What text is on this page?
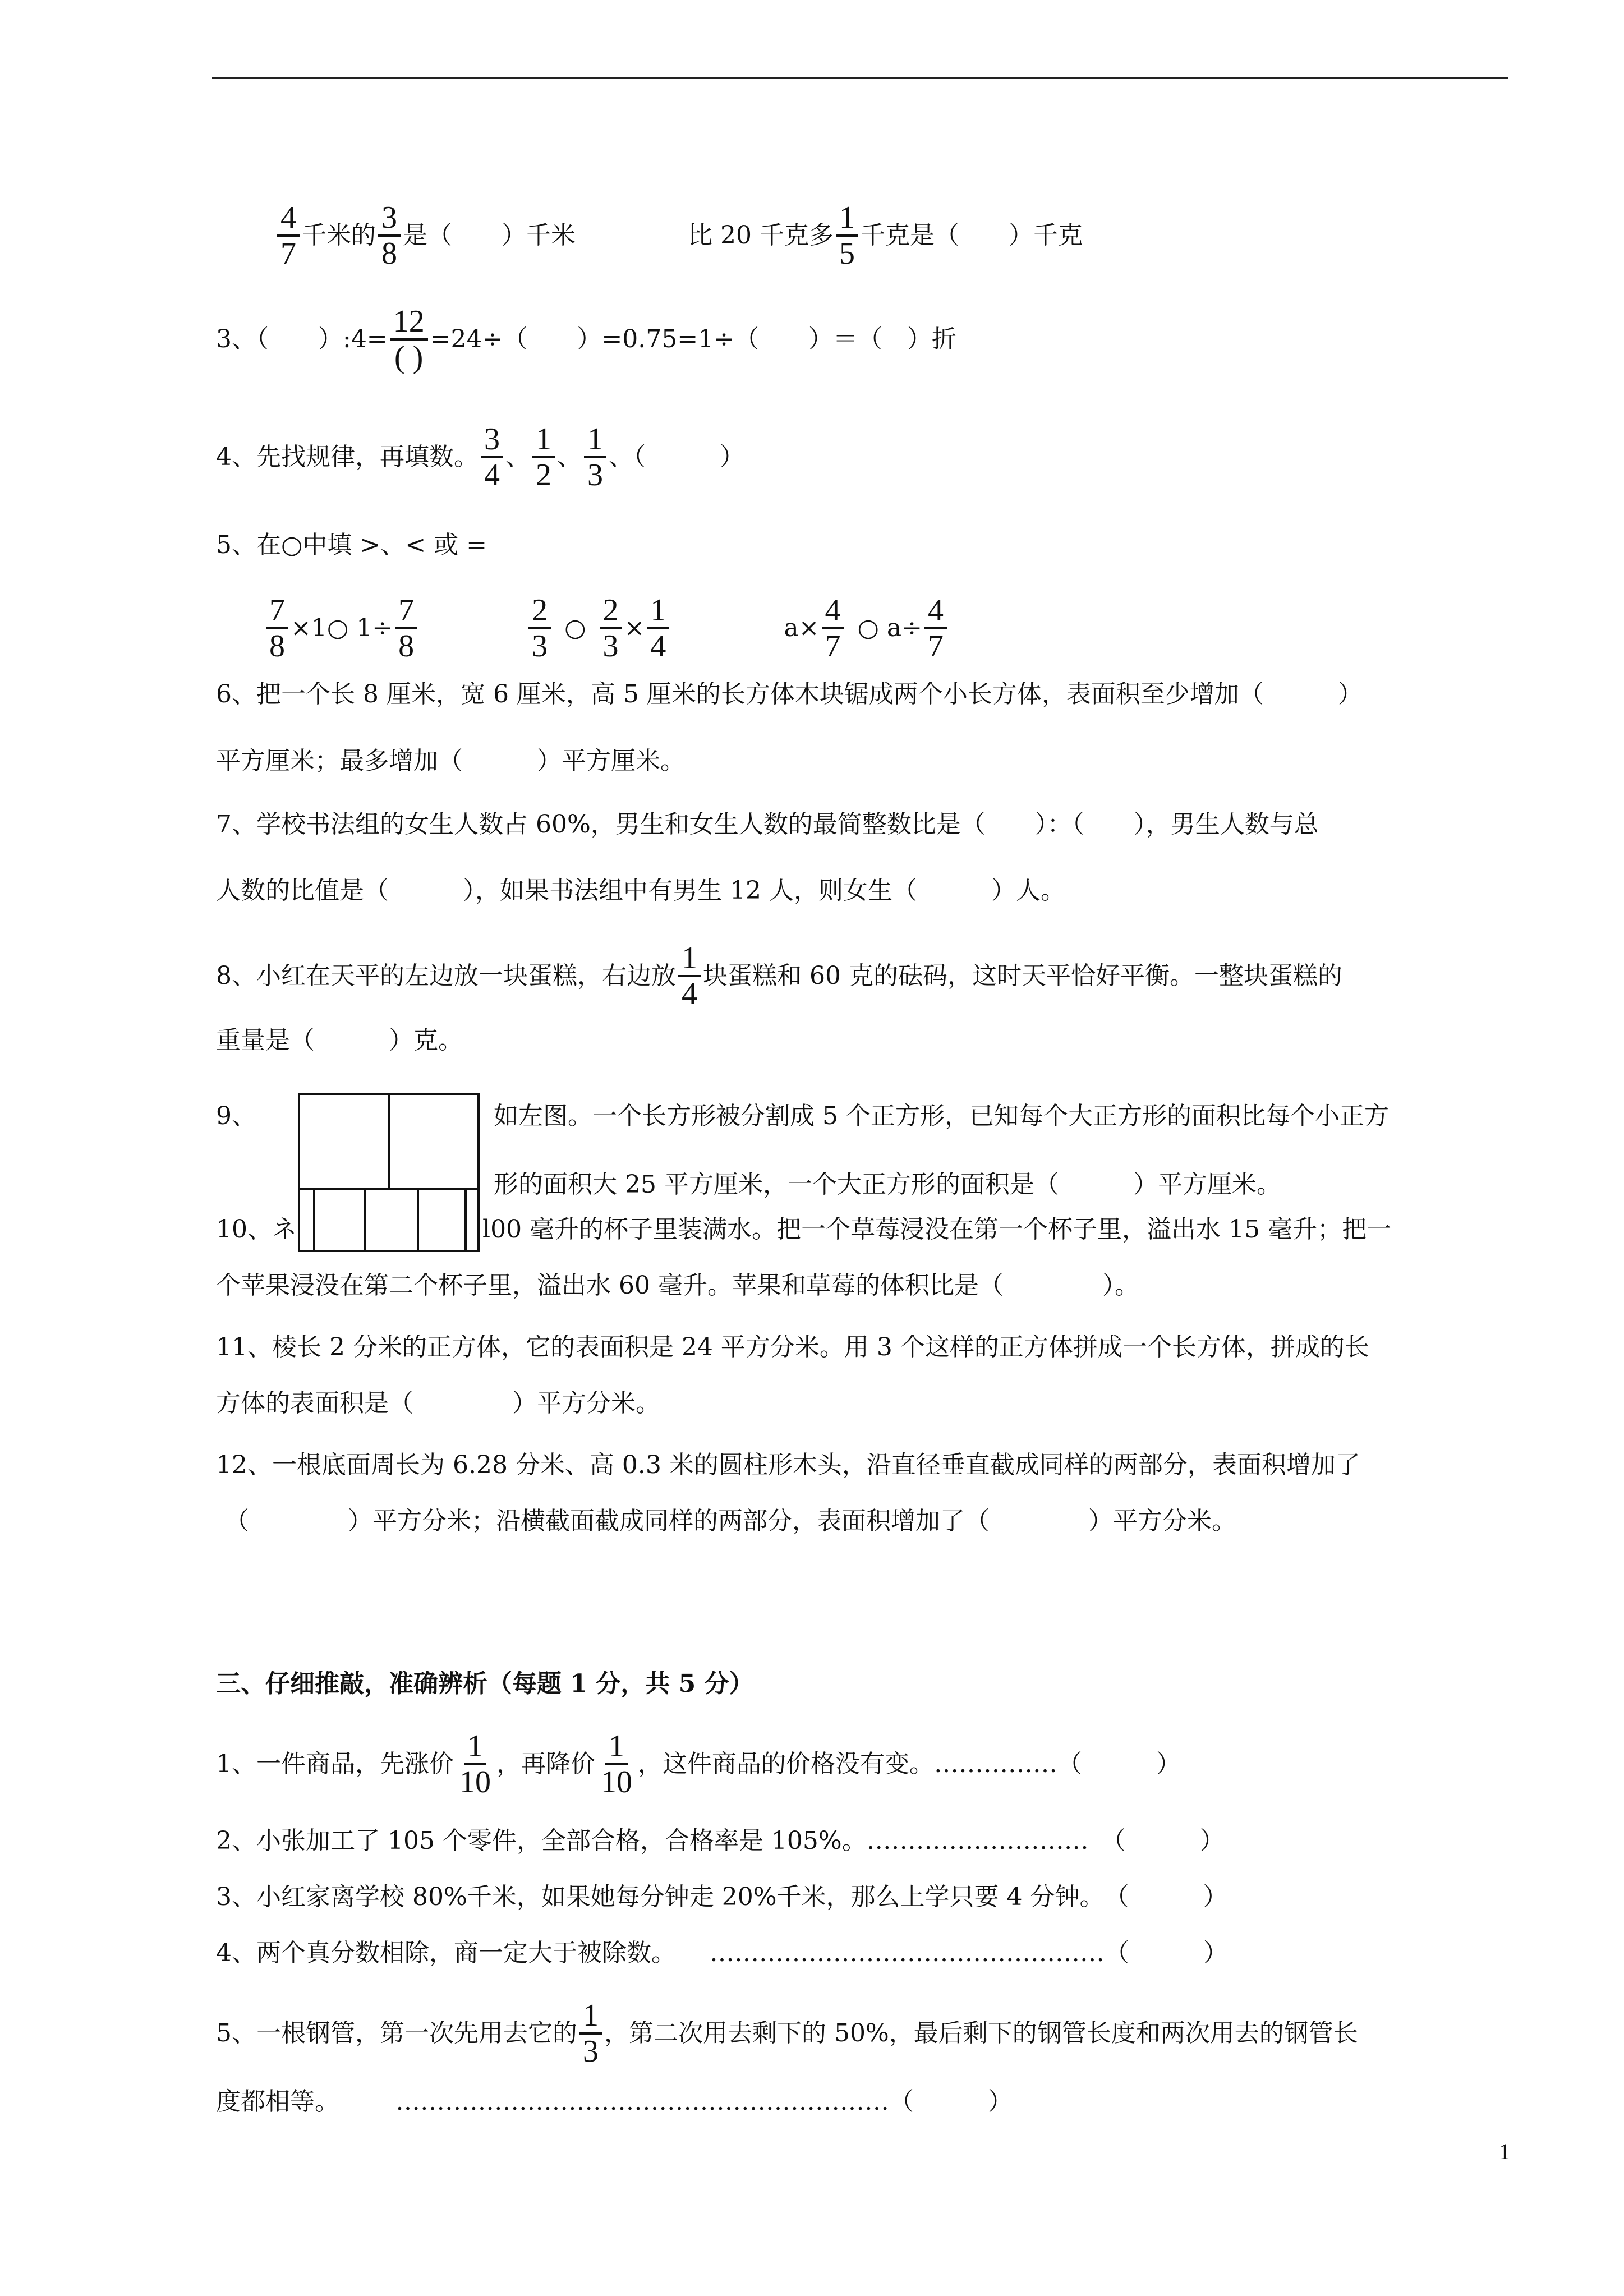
$\frac{4}{7}$ 千米的 $\frac{3}{8}$ 是（　　）千米	比 20 千克多 $\frac{1}{5}$ 千克是（　　）千克
3、（　　）:4= $\frac{12}{( )} =24\div$（　　）=0.75=1÷（　　）＝（　）折
4、先找规律，再填数。 $\frac{3}{4}$ 、 $\frac{1}{2}$ 、 $\frac{1}{3}$ 、（　　　）
5、在○中填 >、< 或 =
$\frac{7}{8}$ ×1○ $1\div \frac{7}{8}$	$\frac{2}{3}$ ○ $\frac{2}{3} \times \frac{1}{4}$	$a\times \frac{4}{7}$ ○ $a\div \frac{4}{7}$
6、把一个长 8 厘米，宽 6 厘米，高 5 厘米的长方体木块锯成两个小长方体，表面积至少增加（　　　）
平方厘米；最多增加（　　　）平方厘米。
7、学校书法组的女生人数占 60%，男生和女生人数的最简整数比是（　　）：（　　），男生人数与总
人数的比值是（　　　），如果书法组中有男生 12 人，则女生（　　　）人。
8、小红在天平的左边放一块蛋糕，右边放 $\frac{1}{4}$ 块蛋糕和 60 克的砝码，这时天平恰好平衡。一整块蛋糕的
重量是（　　　）克。
9、	如左图。一个长方形被分割成 5 个正方形，已知每个大正方形的面积比每个小正方
形的面积大 25 平方厘米，一个大正方形的面积是（　　　）平方厘米。
10、ネ	l00 毫升的杯子里装满水。把一个草莓浸没在第一个杯子里，溢出水 15 毫升；把一
个苹果浸没在第二个杯子里，溢出水 60 毫升。苹果和草莓的体积比是（　　　　）。
11、棱长 2 分米的正方体，它的表面积是 24 平方分米。用 3 个这样的正方体拼成一个长方体，拼成的长
方体的表面积是（　　　　）平方分米。
12、一根底面周长为 6.28 分米、高 0.3 米的圆柱形木头，沿直径垂直截成同样的两部分，表面积增加了
（　　　　）平方分米；沿横截面截成同样的两部分，表面积增加了（　　　　）平方分米。
三、仔细推敲，准确辨析（每题 1 分，共 5 分）
1、一件商品，先涨价 $\frac{1}{10}$ ，再降价 $\frac{1}{10}$ ，这件商品的价格没有变。……………（　　　）
2、小张加工了 105 个零件，全部合格，合格率是 105%。………………………　（　　　）
3、小红家离学校 80%千米，如果她每分钟走 20%千米，那么上学只要 4 分钟。　（　　　）
4、两个真分数相除，商一定大于被除数。 …………………………………………（　　　）
5、一根钢管，第一次先用去它的 $\frac{1}{3}$ ，第二次用去剩下的 50%，最后剩下的钢管长度和两次用去的钢管长
度都相等。 ……………………………………………………（　　　）
1
